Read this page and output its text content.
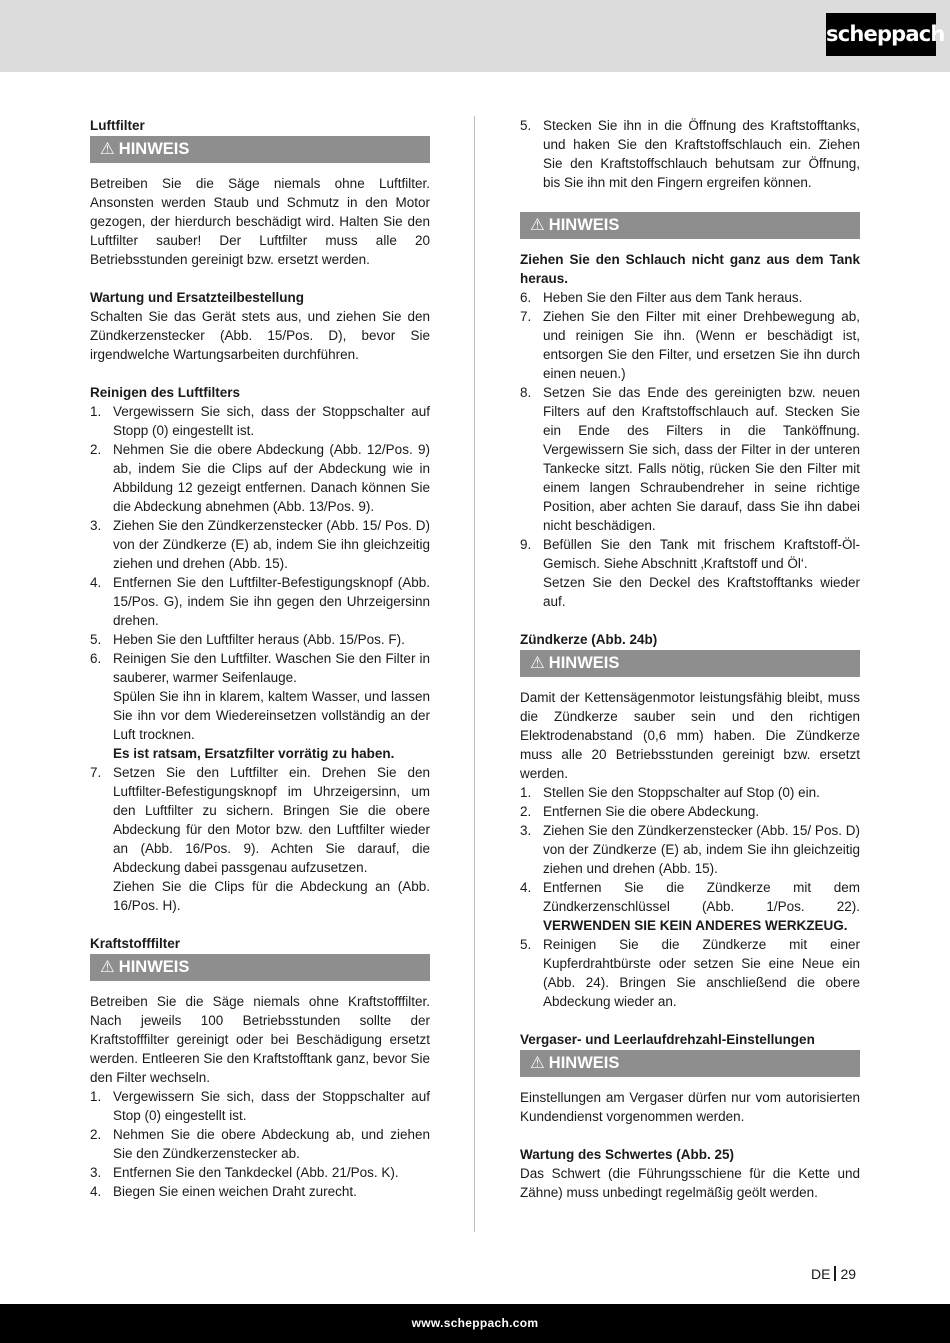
scheppach
Luftfilter
⚠ HINWEIS

Betreiben Sie die Säge niemals ohne Luftfilter. Ansonsten werden Staub und Schmutz in den Motor gezogen, der hierdurch beschädigt wird. Halten Sie den Luftfilter sauber! Der Luftfilter muss alle 20 Betriebsstunden gereinigt bzw. ersetzt werden.

Wartung und Ersatzteilbestellung

Schalten Sie das Gerät stets aus, und ziehen Sie den Zündkerzenstecker (Abb. 15/Pos. D), bevor Sie irgendwelche Wartungsarbeiten durchführen.

Reinigen des Luftfilters
1. Vergewissern Sie sich, dass der Stoppschalter auf Stopp (0) eingestellt ist.
2. Nehmen Sie die obere Abdeckung (Abb. 12/Pos. 9) ab, indem Sie die Clips auf der Abdeckung wie in Abbildung 12 gezeigt entfernen. Danach können Sie die Abdeckung abnehmen (Abb. 13/Pos. 9).
3. Ziehen Sie den Zündkerzenstecker (Abb. 15/ Pos. D) von der Zündkerze (E) ab, indem Sie ihn gleichzeitig ziehen und drehen (Abb. 15).
4. Entfernen Sie den Luftfilter-Befestigungsknopf (Abb. 15/Pos. G), indem Sie ihn gegen den Uhrzeigersinn drehen.
5. Heben Sie den Luftfilter heraus (Abb. 15/Pos. F).
6. Reinigen Sie den Luftfilter. Waschen Sie den Filter in sauberer, warmer Seifenlauge.
Spülen Sie ihn in klarem, kaltem Wasser, und lassen Sie ihn vor dem Wiedereinsetzen vollständig an der Luft trocknen.
Es ist ratsam, Ersatzfilter vorrätig zu haben.
7. Setzen Sie den Luftfilter ein. Drehen Sie den Luftfilter-Befestigungsknopf im Uhrzeigersinn, um den Luftfilter zu sichern. Bringen Sie die obere Abdeckung für den Motor bzw. den Luftfilter wieder an (Abb. 16/Pos. 9). Achten Sie darauf, die Abdeckung dabei passgenau aufzusetzen.
Ziehen Sie die Clips für die Abdeckung an (Abb. 16/Pos. H).
Kraftstofffilter
⚠ HINWEIS

Betreiben Sie die Säge niemals ohne Kraftstofffilter. Nach jeweils 100 Betriebsstunden sollte der Kraftstofffilter gereinigt oder bei Beschädigung ersetzt werden. Entleeren Sie den Kraftstofftank ganz, bevor Sie den Filter wechseln.

1. Vergewissern Sie sich, dass der Stoppschalter auf Stop (0) eingestellt ist.
2. Nehmen Sie die obere Abdeckung ab, und ziehen Sie den Zündkerzenstecker ab.
3. Entfernen Sie den Tankdeckel (Abb. 21/Pos. K).
4. Biegen Sie einen weichen Draht zurecht.
5. Stecken Sie ihn in die Öffnung des Kraftstofftanks, und haken Sie den Kraftstoffschlauch ein. Ziehen Sie den Kraftstoffschlauch behutsam zur Öffnung, bis Sie ihn mit den Fingern ergreifen können.
⚠ HINWEIS

Ziehen Sie den Schlauch nicht ganz aus dem Tank heraus.

6. Heben Sie den Filter aus dem Tank heraus.
7. Ziehen Sie den Filter mit einer Drehbewegung ab, und reinigen Sie ihn. (Wenn er beschädigt ist, entsorgen Sie den Filter, und ersetzen Sie ihn durch einen neuen.)
8. Setzen Sie das Ende des gereinigten bzw. neuen Filters auf den Kraftstoffschlauch auf. Stecken Sie ein Ende des Filters in die Tanköffnung. Vergewissern Sie sich, dass der Filter in der unteren Tankecke sitzt. Falls nötig, rücken Sie den Filter mit einem langen Schraubendreher in seine richtige Position, aber achten Sie darauf, dass Sie ihn dabei nicht beschädigen.
9. Befüllen Sie den Tank mit frischem Kraftstoff-Öl-Gemisch. Siehe Abschnitt ‚Kraftstoff und Öl‘.
Setzen Sie den Deckel des Kraftstofftanks wieder auf.
Zündkerze (Abb. 24b)
⚠ HINWEIS

Damit der Kettensägenmotor leistungsfähig bleibt, muss die Zündkerze sauber sein und den richtigen Elektrodenabstand (0,6 mm) haben. Die Zündkerze muss alle 20 Betriebsstunden gereinigt bzw. ersetzt werden.

1. Stellen Sie den Stoppschalter auf Stop (0) ein.
2. Entfernen Sie die obere Abdeckung.
3. Ziehen Sie den Zündkerzenstecker (Abb. 15/ Pos. D) von der Zündkerze (E) ab, indem Sie ihn gleichzeitig ziehen und drehen (Abb. 15).
4. Entfernen Sie die Zündkerze mit dem Zündkerzenschlüssel (Abb. 1/Pos. 22). VERWENDEN SIE KEIN ANDERES WERKZEUG.
5. Reinigen Sie die Zündkerze mit einer Kupferdrahtbürste oder setzen Sie eine Neue ein (Abb. 24). Bringen Sie anschließend die obere Abdeckung wieder an.
Vergaser- und Leerlaufdrehzahl-Einstellungen
⚠ HINWEIS

Einstellungen am Vergaser dürfen nur vom autorisierten Kundendienst vorgenommen werden.

Wartung des Schwertes (Abb. 25)

Das Schwert (die Führungsschiene für die Kette und Zähne) muss unbedingt regelmäßig geölt werden.

DE 29
www.scheppach.com
